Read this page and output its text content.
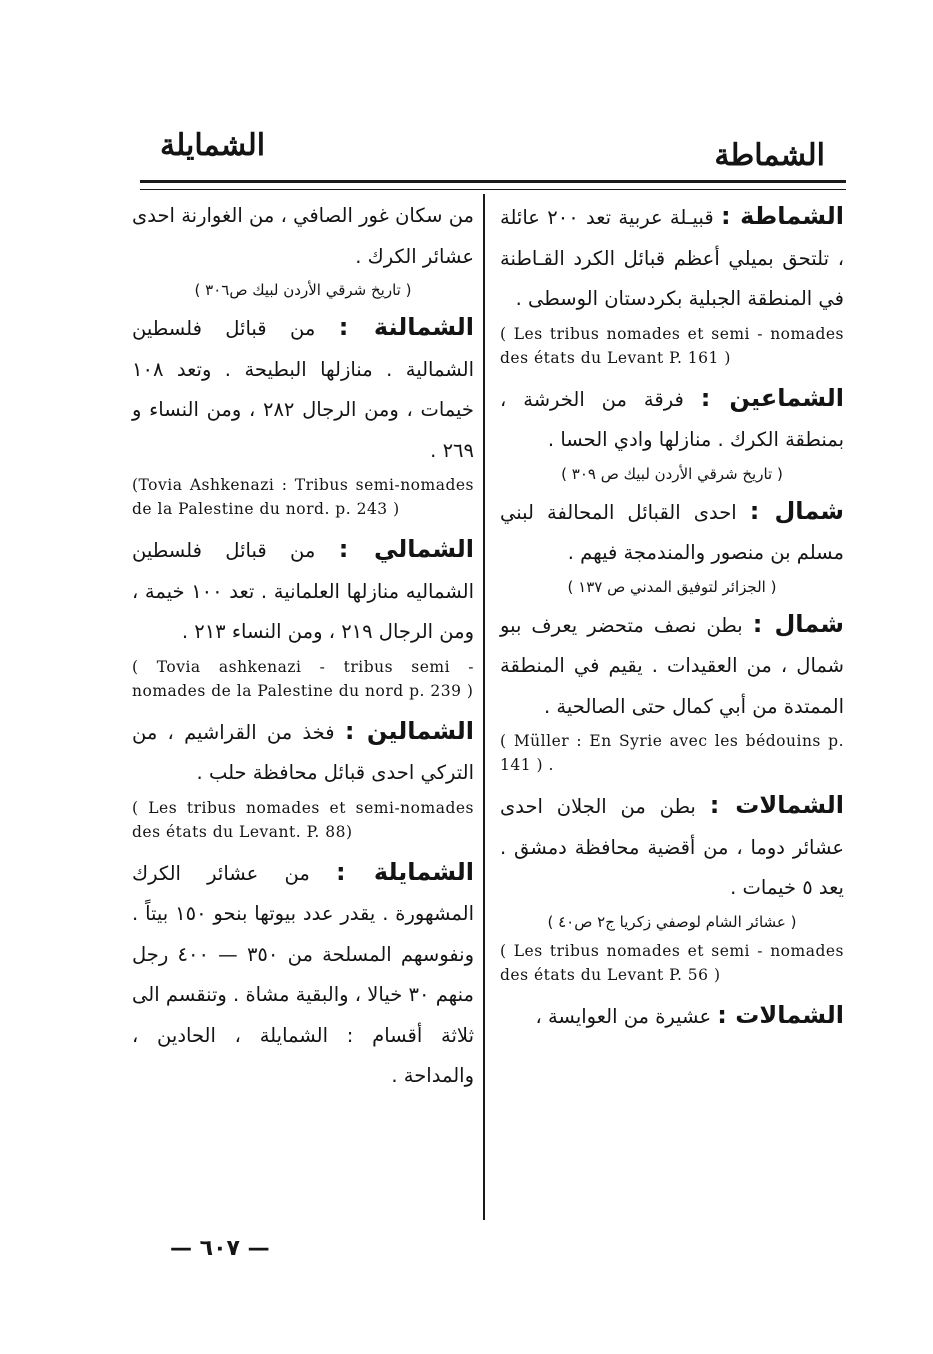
الشماطة
الشمايلة

الشماطة : قبيـلة عربية تعد ٢٠٠ عائلة ، تلتحق بميلي أعظم قبائل الكرد القـاطنة في المنطقة الجبلية بكردستان الوسطى .

( Les tribus nomades et semi - nomades des états du Levant P. 161 )

الشماعين : فرقة من الخرشة ، بمنطقة الكرك . منازلها وادي الحسا .

( تاريخ شرقي الأردن لبيك ص ٣٠٩ )

شمال : احدى القبائل المحالفة لبني مسلم بن منصور والمندمجة فيهم .

( الجزائر لتوفيق المدني ص ١٣٧ )

شمال : بطن نصف متحضر يعرف ببو شمال ، من العقيدات . يقيم في المنطقة الممتدة من أبي كمال حتى الصالحية .

( Müller : En Syrie avec les bédouins p. 141 ) .

الشمالات : بطن من الجلان احدى عشائر دوما ، من أقضية محافظة دمشق . يعد ٥ خيمات .

( عشائر الشام لوصفي زكريا ج٢ ص٤٠ )

( Les tribus nomades et semi - nomades des états du Levant P. 56 )

الشمالات : عشيرة من العوايسة ،

من سكان غور الصافي ، من الغوارنة احدى عشائر الكرك .

( تاريخ شرقي الأردن لبيك ص٣٠٦ )

الشمالنة : من قبائل فلسطين الشمالية . منازلها البطيحة . وتعد ١٠٨ خيمات ، ومن الرجال ٢٨٢ ، ومن النساء و ٢٦٩ .

(Tovia Ashkenazi : Tribus semi-nomades de la Palestine du nord. p. 243 )

الشمالي : من قبائل فلسطين الشماليه منازلها العلمانية . تعد ١٠٠ خيمة ، ومن الرجال ٢١٩ ، ومن النساء ٢١٣ .

( Tovia ashkenazi - tribus semi - nomades de la Palestine du nord p. 239 )

الشمالين : فخذ من القراشيم ، من التركي احدى قبائل محافظة حلب .

( Les tribus nomades et semi-nomades des états du Levant. P. 88)

الشمايلة : من عشائر الكرك المشهورة . يقدر عدد بيوتها بنحو ١٥٠ بيتاً . ونفوسهم المسلحة من ٣٥٠ — ٤٠٠ رجل منهم ٣٠ خيالا ، والبقية مشاة . وتنقسم الى ثلاثة أقسام : الشمايلة ، الحادين ، والمداحة .

— ٦٠٧ —
